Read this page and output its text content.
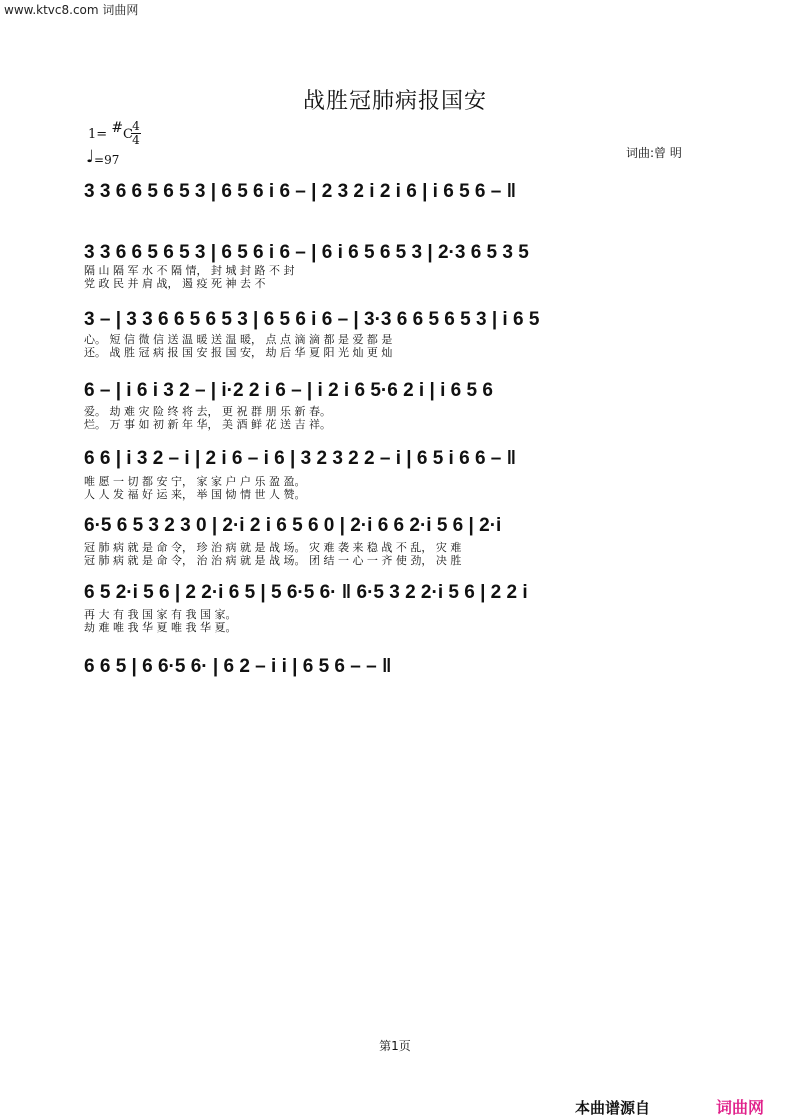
www.ktvc8.com 词曲网
战胜冠肺病报国安
1= #C
4
4
♩ =97	词曲:曾 明
3 3 6 6 5 6 5 3 | 6 5 6 i 6 – | 2 3 2 i 2 i 6 | i 6 5 6 – ‖
3 3 6 6 5 6 5 3 | 6 5 6 i 6 – | 6 i 6 5 6 5 3 | 2·3 6 5 3 5
隔 山 隔 军 水 不 隔 情， 封 城 封 路 不 封
党 政 民 并 肩 战， 遏 疫 死 神 去 不
3 – | 3 3 6 6 5 6 5 3 | 6 5 6 i 6 – | 3·3 6 6 5 6 5 3 | i 6 5
心。 短 信 微 信 送 温 暖 送 温 暖， 点 点 滴 滴 都 是 爱 都 是
还。 战 胜 冠 病 报 国 安 报 国 安， 劫 后 华 夏 阳 光 灿 更 灿
6 – | i 6 i 3 2 – | i·2 2 i 6 – | i 2 i 6 5·6 2 i | i 6 5 6
爱。 劫 难 灾 险 终 将 去， 更 祝 群 朋 乐 新 春。
烂。 万 事 如 初 新 年 华， 美 酒 鲜 花 送 吉 祥。
6 6 | i 3 2 – i | 2 i 6 – i 6 | 3 2 3 2 2 – i | 6 5 i 6 6 – ‖
唯 愿 一 切 都 安 宁， 家 家 户 户 乐 盈 盈。
人 人 发 福 好 运 来， 举 国 恸 情 世 人 赞。
6·5 6 5 3 2 3 0 | 2·i 2 i 6 5 6 0 | 2·i 6 6 2·i 5 6 | 2·i
冠 肺 病 就 是 命 令， 珍 治 病 就 是 战 场。 灾 难 袭 来 稳 战 不 乱， 灾 难
冠 肺 病 就 是 命 令， 治 治 病 就 是 战 场。 团 结 一 心 一 齐 使 劲， 决 胜
6 5 2·i 5 6 | 2 2·i 6 5 | 5 6·5 6· ‖ 6·5 3 2 2·i 5 6 | 2 2 i
再 大 有 我 国 家 有 我 国 家。
劫 难 唯 我 华 夏 唯 我 华 夏。
6 6 5 | 6 6·5 6· | 6 2 – i i | 6 5 6 – – ‖
第1页
本曲谱源自	词曲网
